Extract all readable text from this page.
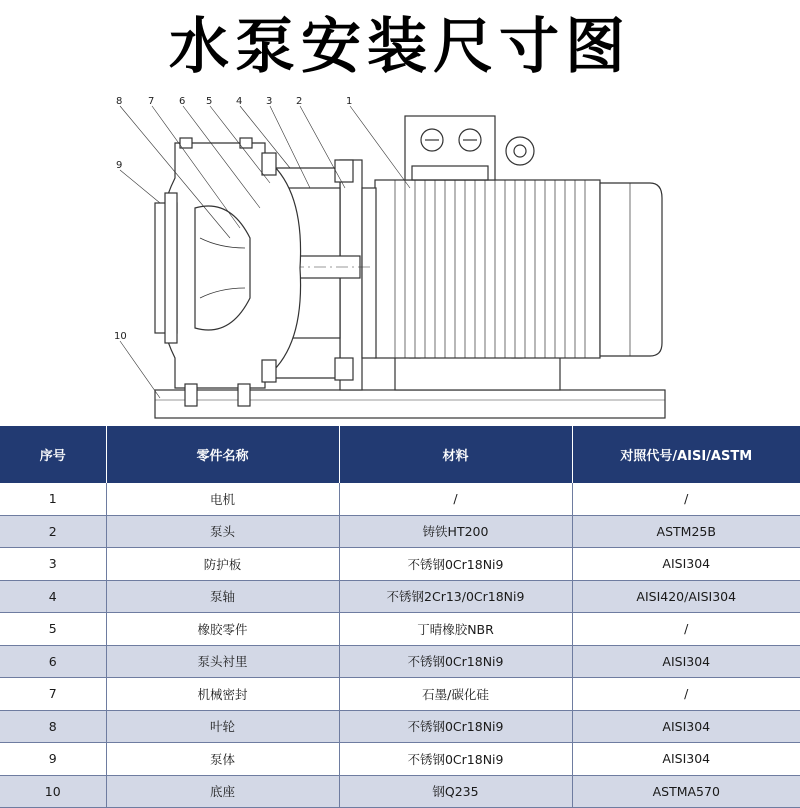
水泵安装尺寸图
8	7 6 5 4 3 2	1
9
10
序号	零件名称	材料	对照代号/AISI/ASTM
1	电机	/	/
2	泵头	铸铁HT200	ASTM25B
3	防护板	不锈钢0Cr18Ni9	AISI304
4	泵轴	不锈钢2Cr13/0Cr18Ni9	AISI420/AISI304
5	橡胶零件	丁晴橡胶NBR	/
6	泵头衬里	不锈钢0Cr18Ni9	AISI304
7	机械密封	石墨/碳化硅	/
8	叶轮	不锈钢0Cr18Ni9	AISI304
9	泵体	不锈钢0Cr18Ni9	AISI304
10	底座	钢Q235	ASTMA570
